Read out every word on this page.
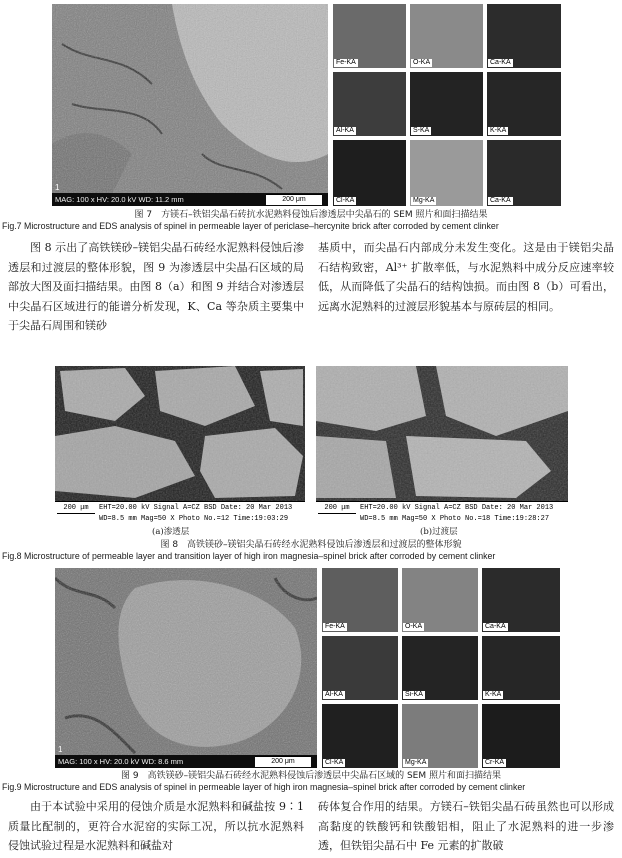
1
MAG: 100 x HV: 20.0 kV WD: 11.2 mm	200 μm
Fe-KA	O-KA	Ca-KA
Al-KA	S-KA	K-KA
Cl-KA	Mg-KA	Ca-KA
图 7　方镁石–铁铝尖晶石砖抗水泥熟料侵蚀后渗透层中尖晶石的 SEM 照片和面扫描结果
Fig.7 Microstructure and EDS analysis of spinel in permeable layer of periclase–hercynite brick after corroded by cement clinker

图 8 示出了高铁镁砂–镁铝尖晶石砖经水泥熟料侵蚀后渗透层和过渡层的整体形貌，图 9 为渗透层中尖晶石区域的局部放大图及面扫描结果。由图 8（a）和图 9 并结合对渗透层中尖晶石区域进行的能谱分析发现，K、Ca 等杂质主要集中于尖晶石周围和镁砂

基质中，而尖晶石内部成分未发生变化。这是由于镁铝尖晶石结构致密，Al³⁺ 扩散率低，与水泥熟料中成分反应速率较低，从而降低了尖晶石的结构蚀损。而由图 8（b）可看出，远离水泥熟料的过渡层形貌基本与原砖层的相同。

200 μm EHT=20.00 kV Signal A=CZ BSD Date: 20 Mar 2013
WD=8.5 mm Mag=50 X Photo No.=12 Time:19:03:29
(a)渗透层
200 μm EHT=20.00 kV Signal A=CZ BSD Date: 20 Mar 2013
WD=8.5 mm Mag=50 X Photo No.=18 Time:19:28:27
(b)过渡层
图 8　高铁镁砂–镁铝尖晶石砖经水泥熟料侵蚀后渗透层和过渡层的整体形貌
Fig.8 Microstructure of permeable layer and transition layer of high iron magnesia–spinel brick after corroded by cement clinker
1
MAG: 100 x HV: 20.0 kV WD: 8.6 mm	200 μm
Fe-KA	O-KA	Ca-KA
Al-KA	Si-KA	K-KA
Cl-KA	Mg-KA	Cr-KA
图 9　高铁镁砂–镁铝尖晶石砖经水泥熟料侵蚀后渗透层中尖晶石区域的 SEM 照片和面扫描结果
Fig.9 Microstructure and EDS analysis of spinel in permeable layer of high iron magnesia–spinel brick after corroded by cement clinker

由于本试验中采用的侵蚀介质是水泥熟料和碱盐按 9∶1 质量比配制的，更符合水泥窑的实际工况，所以抗水泥熟料侵蚀试验过程是水泥熟料和碱盐对

砖体复合作用的结果。方镁石–铁铝尖晶石砖虽然也可以形成高黏度的铁酸钙和铁酸铝相，阻止了水泥熟料的进一步渗透，但铁铝尖晶石中 Fe 元素的扩散破
